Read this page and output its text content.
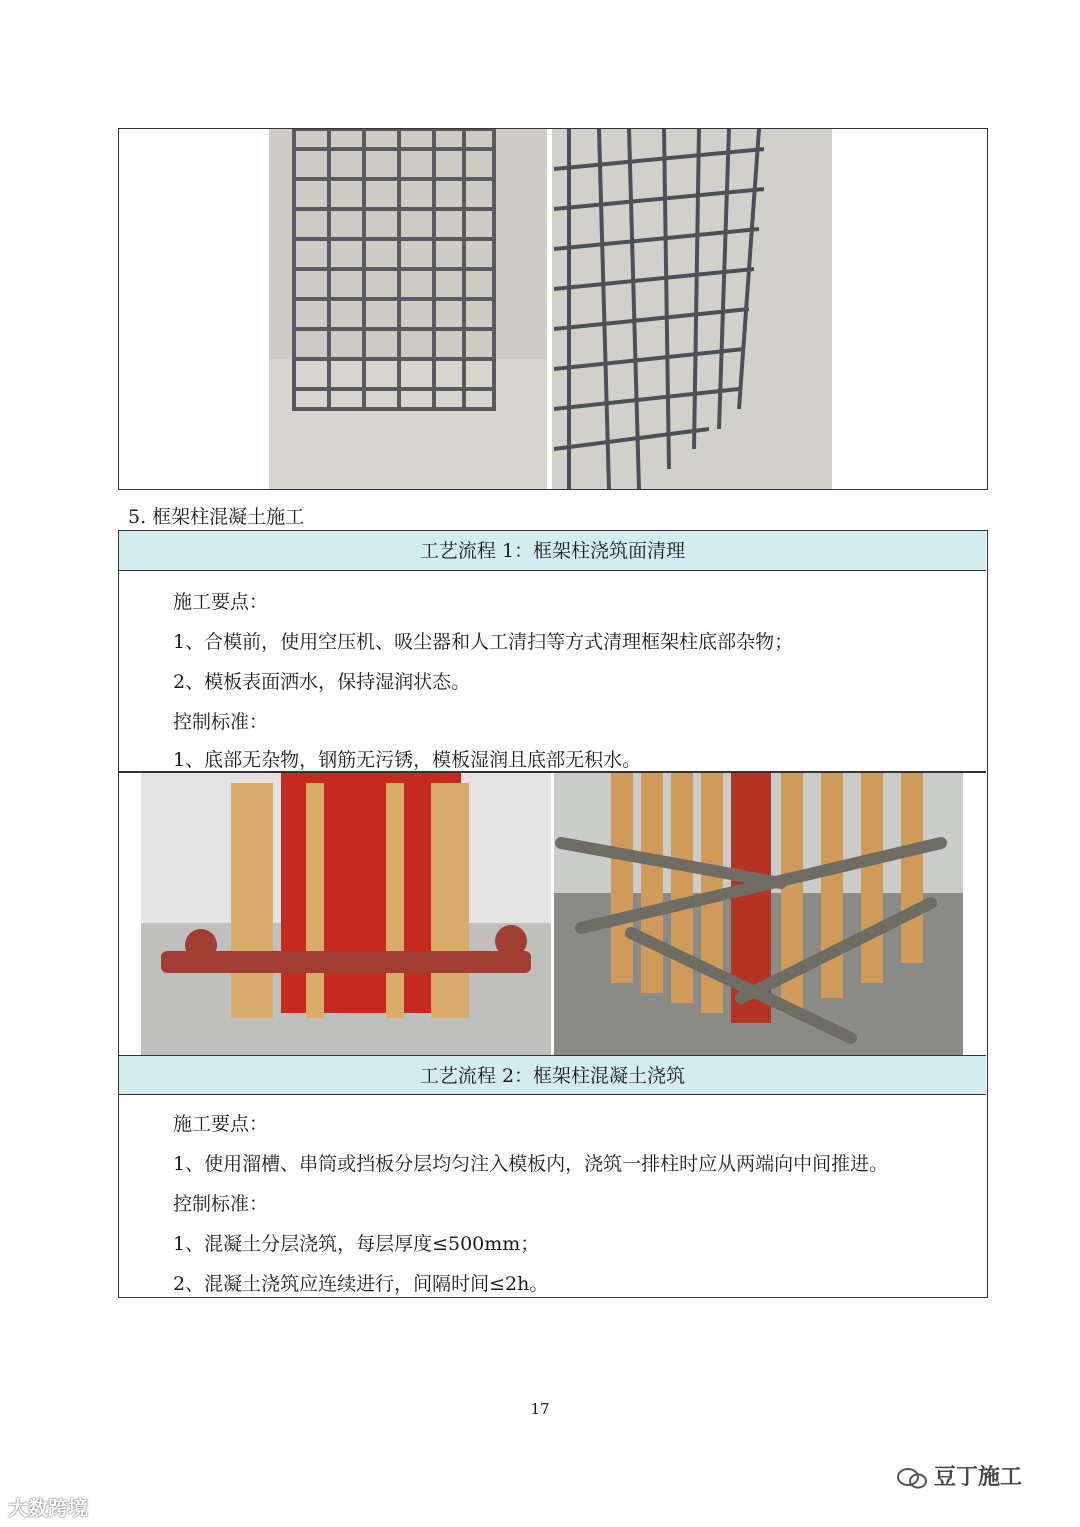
5. 框架柱混凝土施工
工艺流程 1：框架柱浇筑面清理
施工要点：
1、合模前，使用空压机、吸尘器和人工清扫等方式清理框架柱底部杂物；
2、模板表面洒水，保持湿润状态。
控制标准：
1、底部无杂物，钢筋无污锈，模板湿润且底部无积水。
工艺流程 2：框架柱混凝土浇筑
施工要点：
1、使用溜槽、串筒或挡板分层均匀注入模板内，浇筑一排柱时应从两端向中间推进。
控制标准：
1、混凝土分层浇筑，每层厚度≤500mm；
2、混凝土浇筑应连续进行，间隔时间≤2h。
17
大数跨境
豆丁施工
